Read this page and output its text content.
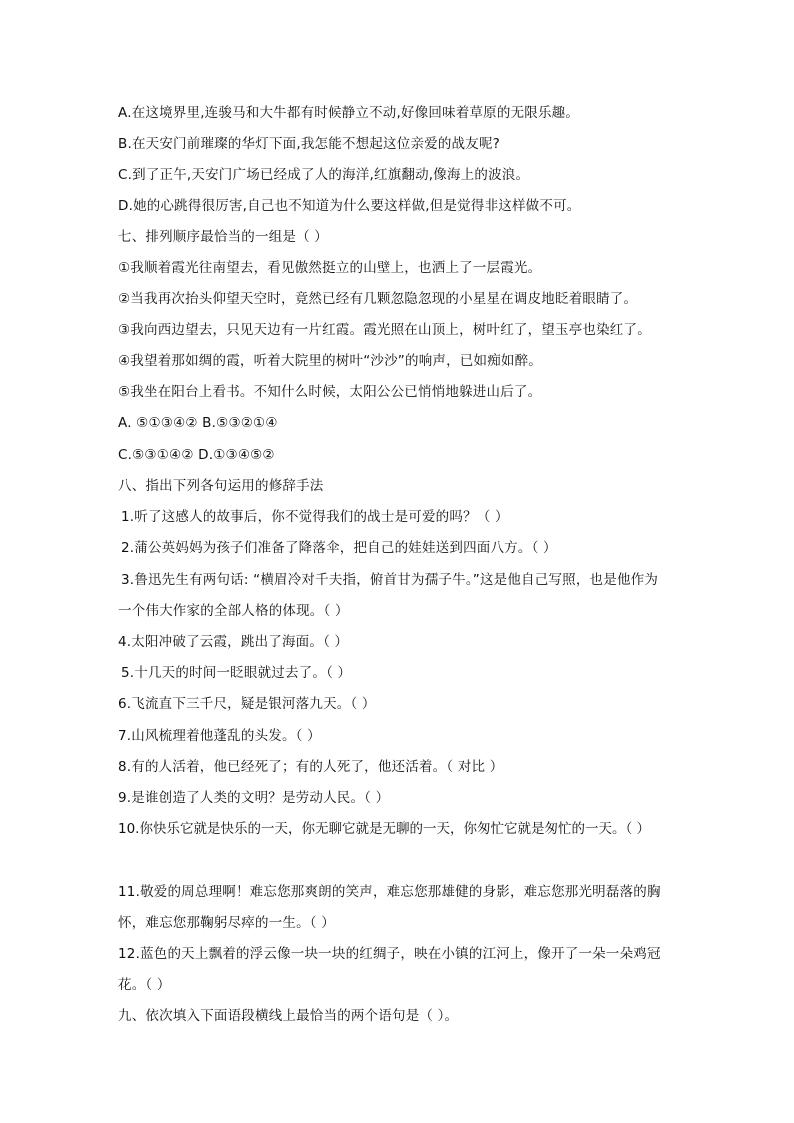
A.在这境界里,连骏马和大牛都有时候静立不动,好像回味着草原的无限乐趣。
B.在天安门前璀璨的华灯下面,我怎能不想起这位亲爱的战友呢?
C.到了正午,天安门广场已经成了人的海洋,红旗翻动,像海上的波浪。
D.她的心跳得很厉害,自己也不知道为什么要这样做,但是觉得非这样做不可。
七、排列顺序最恰当的一组是（ ）
①我顺着霞光往南望去，看见傲然挺立的山壁上，也洒上了一层霞光。
②当我再次抬头仰望天空时，竟然已经有几颗忽隐忽现的小星星在调皮地眨着眼睛了。
③我向西边望去，只见天边有一片红霞。霞光照在山顶上，树叶红了，望玉亭也染红了。
④我望着那如绸的霞，听着大院里的树叶“沙沙”的响声，已如痴如醉。
⑤我坐在阳台上看书。不知什么时候，太阳公公已悄悄地躲进山后了。
A. ⑤①③④② B.⑤③②①④
C.⑤③①④② D.①③④⑤②
八、指出下列各句运用的修辞手法
1.听了这感人的故事后，你不觉得我们的战士是可爱的吗？（ ）
2.蒲公英妈妈为孩子们准备了降落伞，把自己的娃娃送到四面八方。（ ）
3.鲁迅先生有两句话: “横眉冷对千夫指，俯首甘为孺子牛。”这是他自己写照，也是他作为
一个伟大作家的全部人格的体现。（ ）
4.太阳冲破了云霞，跳出了海面。（ ）
5.十几天的时间一眨眼就过去了。（ ）
6.飞流直下三千尺，疑是银河落九天。（ ）
7.山风梳理着他蓬乱的头发。（ ）
8.有的人活着，他已经死了；有的人死了，他还活着。（ 对比 ）
9.是谁创造了人类的文明？是劳动人民。（ ）
10.你快乐它就是快乐的一天，你无聊它就是无聊的一天，你匆忙它就是匆忙的一天。（ ）
11.敬爱的周总理啊！难忘您那爽朗的笑声，难忘您那雄健的身影，难忘您那光明磊落的胸
怀，难忘您那鞠躬尽瘁的一生。（ ）
12.蓝色的天上飘着的浮云像一块一块的红绸子，映在小镇的江河上，像开了一朵一朵鸡冠
花。（ ）
九、依次填入下面语段横线上最恰当的两个语句是（ ）。
